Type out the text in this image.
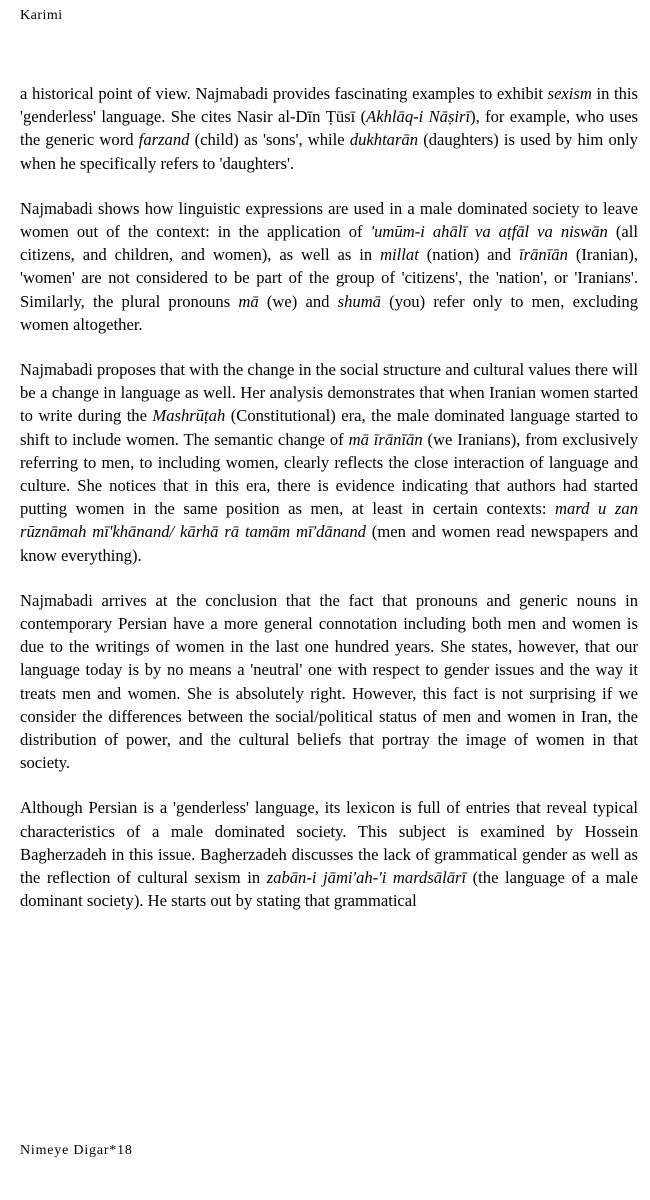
Karimi

a historical point of view. Najmabadi provides fascinating examples to exhibit sexism in this 'genderless' language. She cites Nasir al-Dīn Ṭūsī (Akhlāq-i Nāṣirī), for example, who uses the generic word farzand (child) as 'sons', while dukhtarān (daughters) is used by him only when he specifically refers to 'daughters'.

Najmabadi shows how linguistic expressions are used in a male dominated society to leave women out of the context: in the application of 'umūm-i ahālī va aṭfāl va niswān (all citizens, and children, and women), as well as in millat (nation) and īrānīān (Iranian), 'women' are not considered to be part of the group of 'citizens', the 'nation', or 'Iranians'. Similarly, the plural pronouns mā (we) and shumā (you) refer only to men, excluding women altogether.

Najmabadi proposes that with the change in the social structure and cultural values there will be a change in language as well. Her analysis demonstrates that when Iranian women started to write during the Mashrūṭah (Constitutional) era, the male dominated language started to shift to include women. The semantic change of mā īrānīān (we Iranians), from exclusively referring to men, to including women, clearly reflects the close interaction of language and culture. She notices that in this era, there is evidence indicating that authors had started putting women in the same position as men, at least in certain contexts: mard u zan rūznāmah mī'khānand/ kārhā rā tamām mī'dānand (men and women read newspapers and know everything).

Najmabadi arrives at the conclusion that the fact that pronouns and generic nouns in contemporary Persian have a more general connotation including both men and women is due to the writings of women in the last one hundred years. She states, however, that our language today is by no means a 'neutral' one with respect to gender issues and the way it treats men and women. She is absolutely right. However, this fact is not surprising if we consider the differences between the social/political status of men and women in Iran, the distribution of power, and the cultural beliefs that portray the image of women in that society.

Although Persian is a 'genderless' language, its lexicon is full of entries that reveal typical characteristics of a male dominated society. This subject is examined by Hossein Bagherzadeh in this issue. Bagherzadeh discusses the lack of grammatical gender as well as the reflection of cultural sexism in zabān-i jāmi'ah-'i mardsālārī (the language of a male dominant society). He starts out by stating that grammatical

Nimeye Digar*18
